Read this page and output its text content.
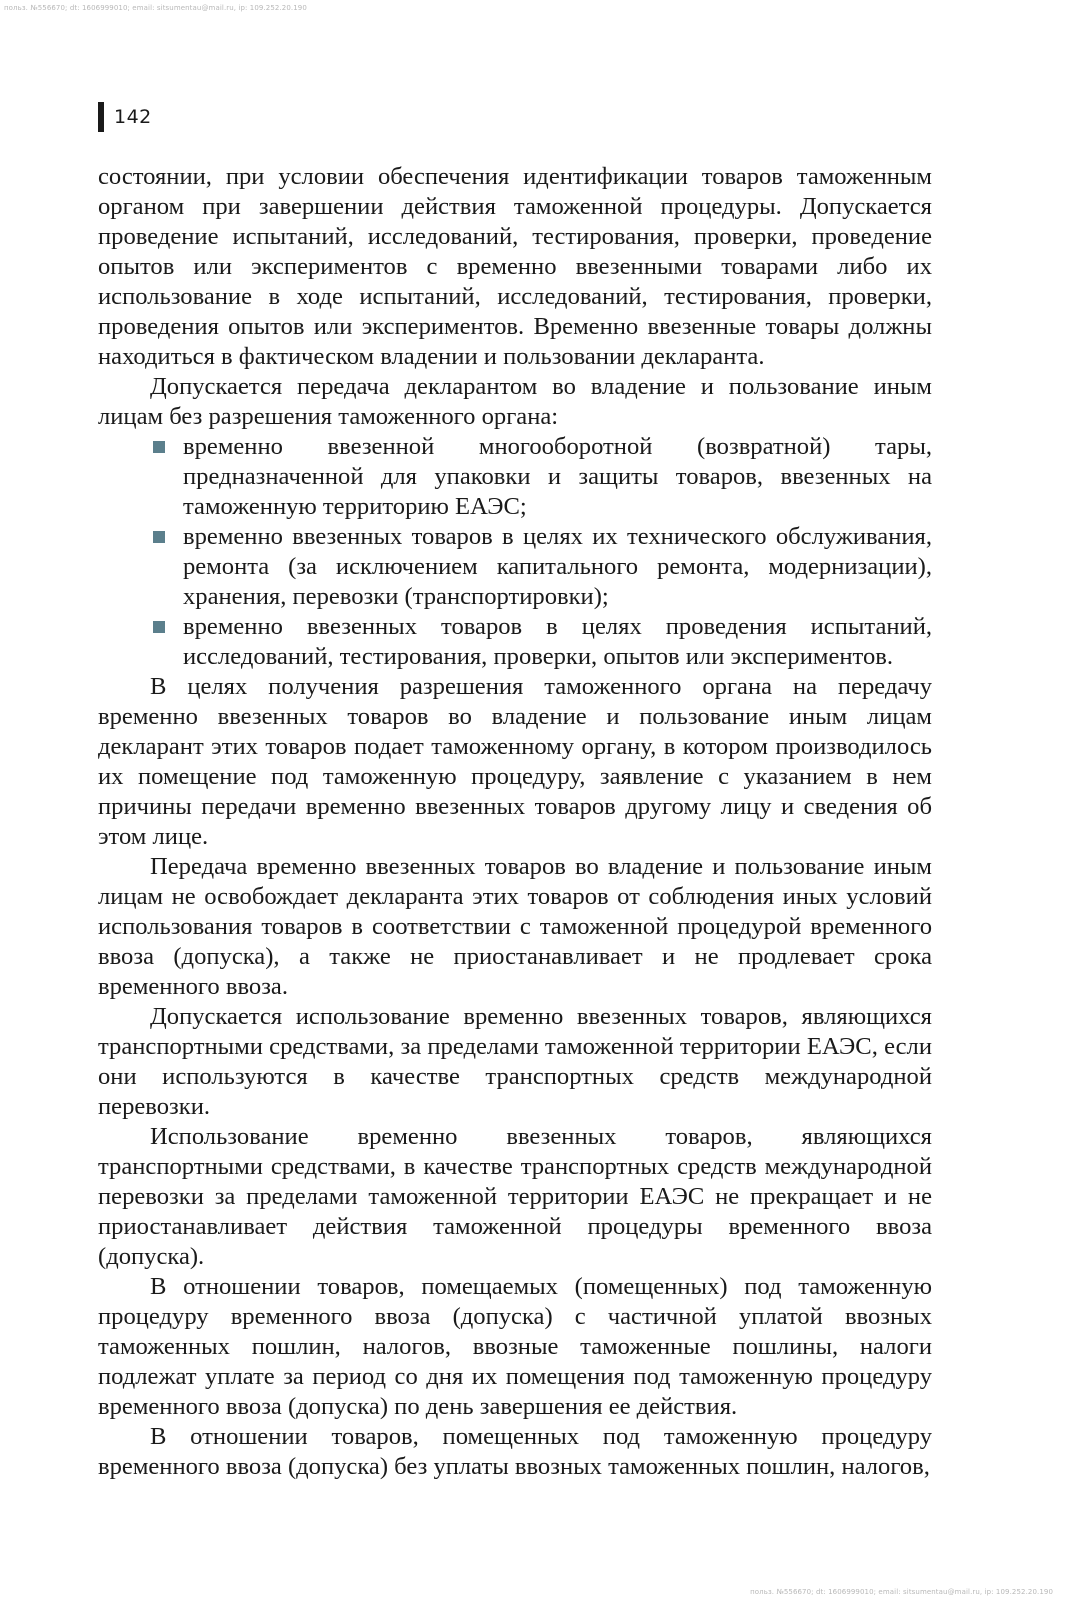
польз. №556670; dt: 1606999010; email: sitsumentau@mail.ru, ip: 109.252.20.190
142

состоянии, при условии обеспечения идентификации товаров таможенным органом при завершении действия таможенной процедуры. Допускается проведение испытаний, исследований, тестирования, проверки, проведение опытов или экспериментов с временно ввезенными товарами либо их использование в ходе испытаний, исследований, тестирования, проверки, проведения опытов или экспериментов. Временно ввезенные товары должны находиться в фактическом владении и пользовании декларанта.

Допускается передача декларантом во владение и пользование иным лицам без разрешения таможенного органа:

временно ввезенной многооборотной (возвратной) тары, предназначенной для упаковки и защиты товаров, ввезенных на таможенную территорию ЕАЭС;
временно ввезенных товаров в целях их технического обслуживания, ремонта (за исключением капитального ремонта, модернизации), хранения, перевозки (транспортировки);
временно ввезенных товаров в целях проведения испытаний, исследований, тестирования, проверки, опытов или экспериментов.

В целях получения разрешения таможенного органа на передачу временно ввезенных товаров во владение и пользование иным лицам декларант этих товаров подает таможенному органу, в котором производилось их помещение под таможенную процедуру, заявление с указанием в нем причины передачи временно ввезенных товаров другому лицу и сведения об этом лице.

Передача временно ввезенных товаров во владение и пользование иным лицам не освобождает декларанта этих товаров от соблюдения иных условий использования товаров в соответствии с таможенной процедурой временного ввоза (допуска), а также не приостанавливает и не продлевает срока временного ввоза.

Допускается использование временно ввезенных товаров, являющихся транспортными средствами, за пределами таможенной территории ЕАЭС, если они используются в качестве транспортных средств международной перевозки.

Использование временно ввезенных товаров, являющихся транспортными средствами, в качестве транспортных средств международной перевозки за пределами таможенной территории ЕАЭС не прекращает и не приостанавливает действия таможенной процедуры временного ввоза (допуска).

В отношении товаров, помещаемых (помещенных) под таможенную процедуру временного ввоза (допуска) с частичной уплатой ввозных таможенных пошлин, налогов, ввозные таможенные пошлины, налоги подлежат уплате за период со дня их помещения под таможенную процедуру временного ввоза (допуска) по день завершения ее действия.

В отношении товаров, помещенных под таможенную процедуру временного ввоза (допуска) без уплаты ввозных таможенных пошлин, налогов,

польз. №556670; dt: 1606999010; email: sitsumentau@mail.ru, ip: 109.252.20.190
